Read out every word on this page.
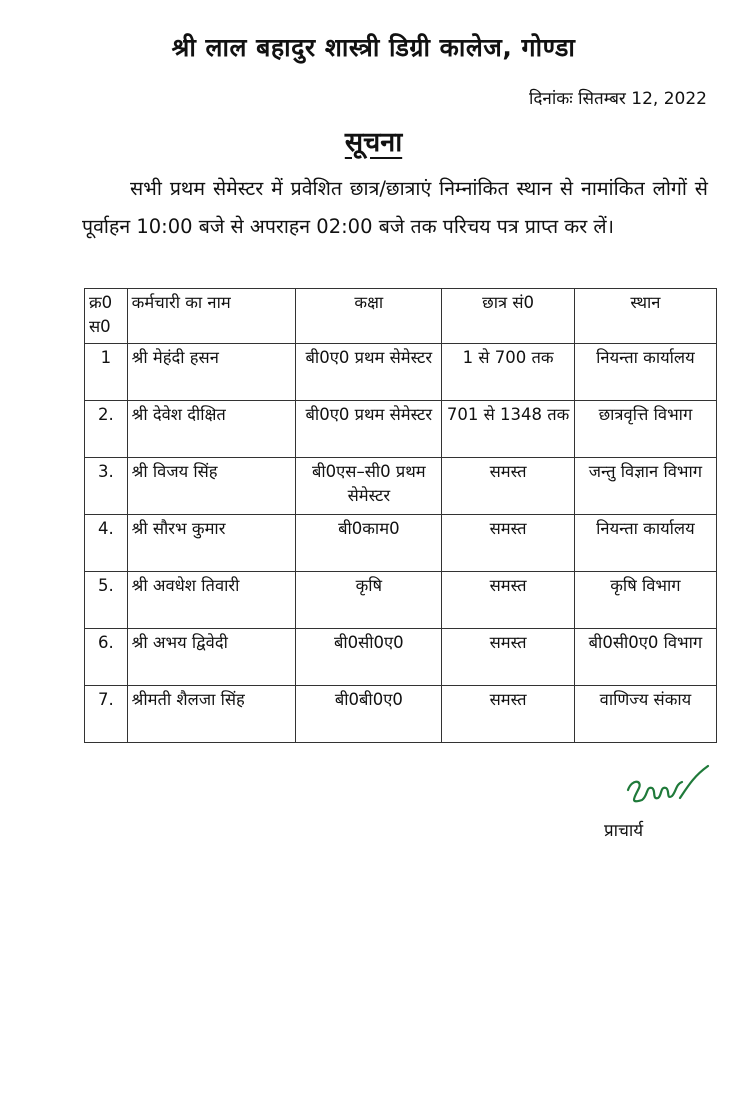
श्री लाल बहादुर शास्त्री डिग्री कालेज, गोण्डा
दिनांकः सितम्बर 12, 2022
सूचना
सभी प्रथम सेमेस्टर में प्रवेशित छात्र/छात्राएं निम्नांकित स्थान से नामांकित लोगों से पूर्वाहन 10:00 बजे से अपराहन 02:00 बजे तक परिचय पत्र प्राप्त कर लें।
क्र0 स0	कर्मचारी का नाम	कक्षा	छात्र सं0	स्थान
1	श्री मेहंदी हसन	बी0ए0 प्रथम सेमेस्टर	1 से 700 तक	नियन्ता कार्यालय
2.	श्री देवेश दीक्षित	बी0ए0 प्रथम सेमेस्टर	701 से 1348 तक	छात्रवृत्ति विभाग
3.	श्री विजय सिंह	बी0एस–सी0 प्रथम सेमेस्टर	समस्त	जन्तु विज्ञान विभाग
4.	श्री सौरभ कुमार	बी0काम0	समस्त	नियन्ता कार्यालय
5.	श्री अवधेश तिवारी	कृषि	समस्त	कृषि विभाग
6.	श्री अभय द्विवेदी	बी0सी0ए0	समस्त	बी0सी0ए0 विभाग
7.	श्रीमती शैलजा सिंह	बी0बी0ए0	समस्त	वाणिज्य संकाय
प्राचार्य
